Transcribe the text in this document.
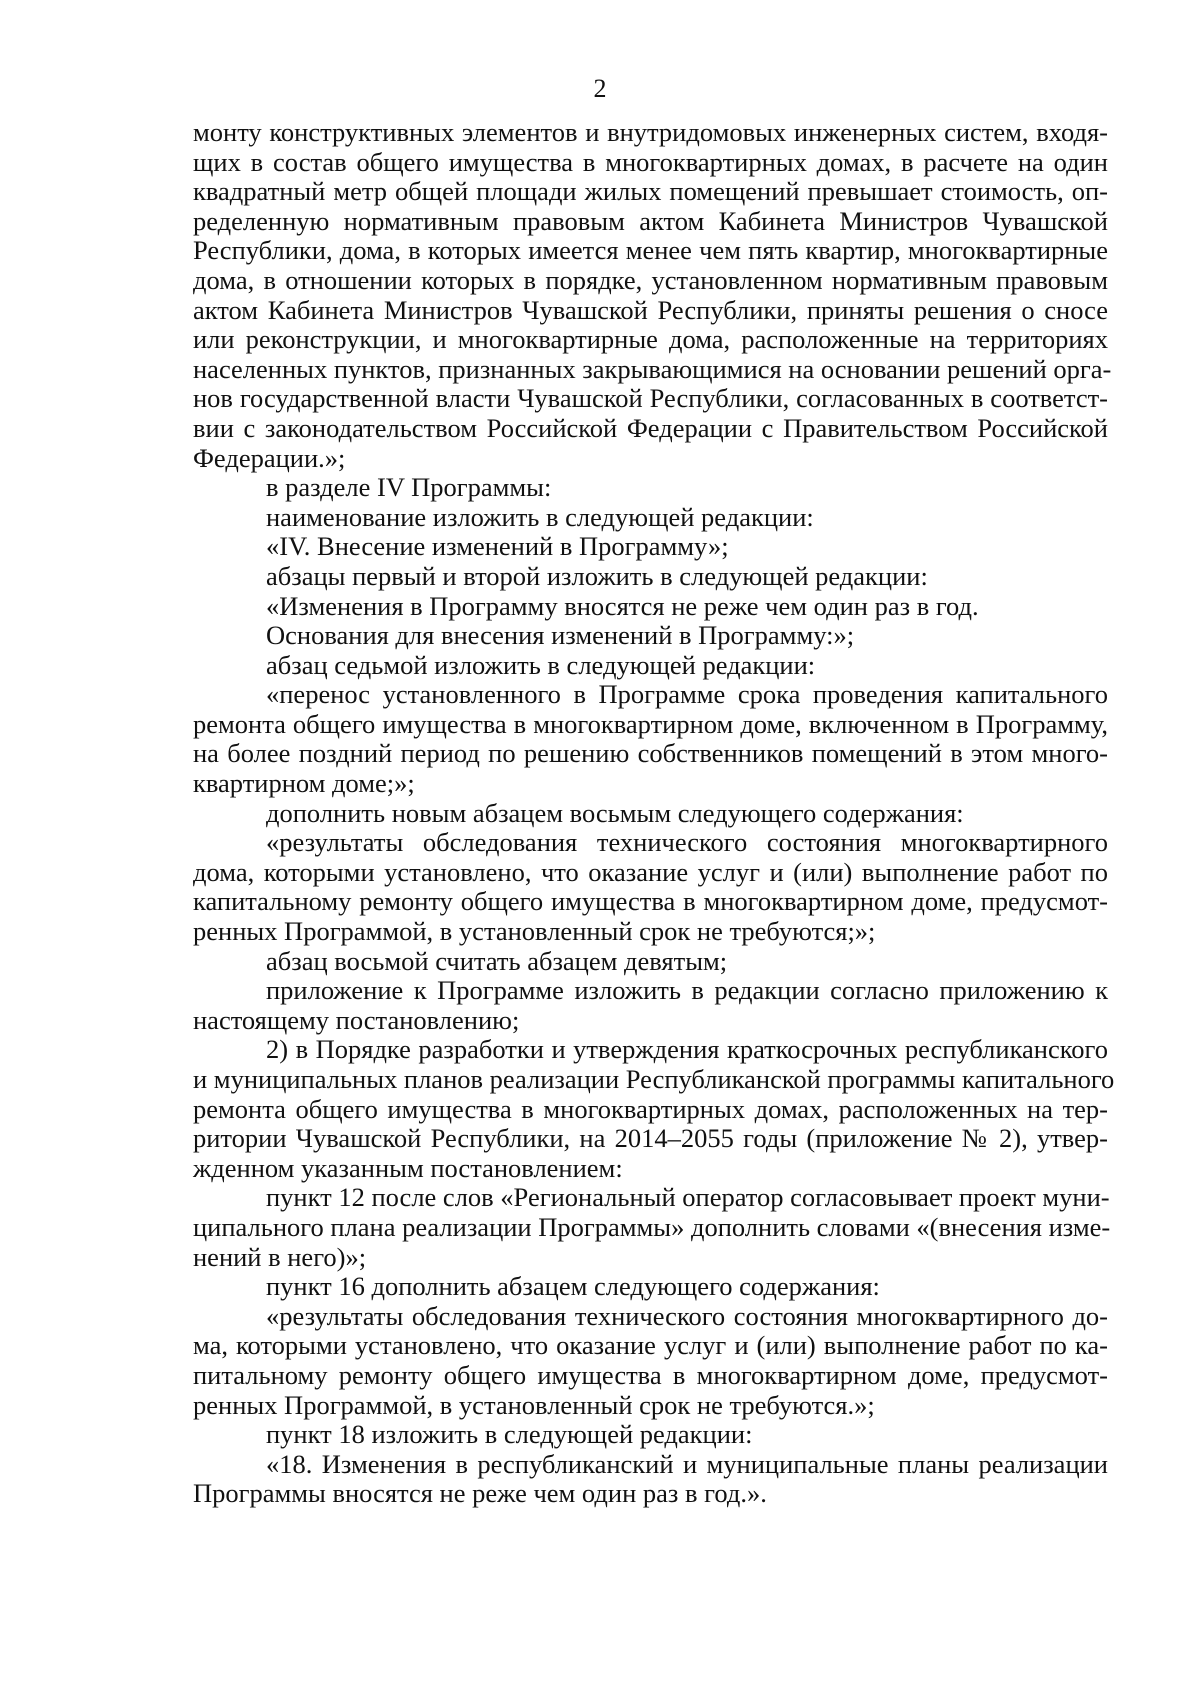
2
монту конструктивных элементов и внутридомовых инженерных систем, входя-
щих в состав общего имущества в многоквартирных домах, в расчете на один
квадратный метр общей площади жилых помещений превышает стоимость, оп-
ределенную нормативным правовым актом Кабинета Министров Чувашской
Республики, дома, в которых имеется менее чем пять квартир, многоквартирные
дома, в отношении которых в порядке, установленном нормативным правовым
актом Кабинета Министров Чувашской Республики, приняты решения о сносе
или реконструкции, и многоквартирные дома, расположенные на территориях
населенных пунктов, признанных закрывающимися на основании решений орга-
нов государственной власти Чувашской Республики, согласованных в соответст-
вии с законодательством Российской Федерации с Правительством Российской
Федерации.»;
в разделе IV Программы:
наименование изложить в следующей редакции:
«IV. Внесение изменений в Программу»;
абзацы первый и второй изложить в следующей редакции:
«Изменения в Программу вносятся не реже чем один раз в год.
Основания для внесения изменений в Программу:»;
абзац седьмой изложить в следующей редакции:
«перенос установленного в Программе срока проведения капитального
ремонта общего имущества в многоквартирном доме, включенном в Программу,
на более поздний период по решению собственников помещений в этом много-
квартирном доме;»;
дополнить новым абзацем восьмым следующего содержания:
«результаты обследования технического состояния многоквартирного
дома, которыми установлено, что оказание услуг и (или) выполнение работ по
капитальному ремонту общего имущества в многоквартирном доме, предусмот-
ренных Программой, в установленный срок не требуются;»;
абзац восьмой считать абзацем девятым;
приложение к Программе изложить в редакции согласно приложению к
настоящему постановлению;
2) в Порядке разработки и утверждения краткосрочных республиканского
и муниципальных планов реализации Республиканской программы капитального
ремонта общего имущества в многоквартирных домах, расположенных на тер-
ритории Чувашской Республики, на 2014–2055 годы (приложение № 2), утвер-
жденном указанным постановлением:
пункт 12 после слов «Региональный оператор согласовывает проект муни-
ципального плана реализации Программы» дополнить словами «(внесения изме-
нений в него)»;
пункт 16 дополнить абзацем следующего содержания:
«результаты обследования технического состояния многоквартирного до-
ма, которыми установлено, что оказание услуг и (или) выполнение работ по ка-
питальному ремонту общего имущества в многоквартирном доме, предусмот-
ренных Программой, в установленный срок не требуются.»;
пункт 18 изложить в следующей редакции:
«18. Изменения в республиканский и муниципальные планы реализации
Программы вносятся не реже чем один раз в год.».
